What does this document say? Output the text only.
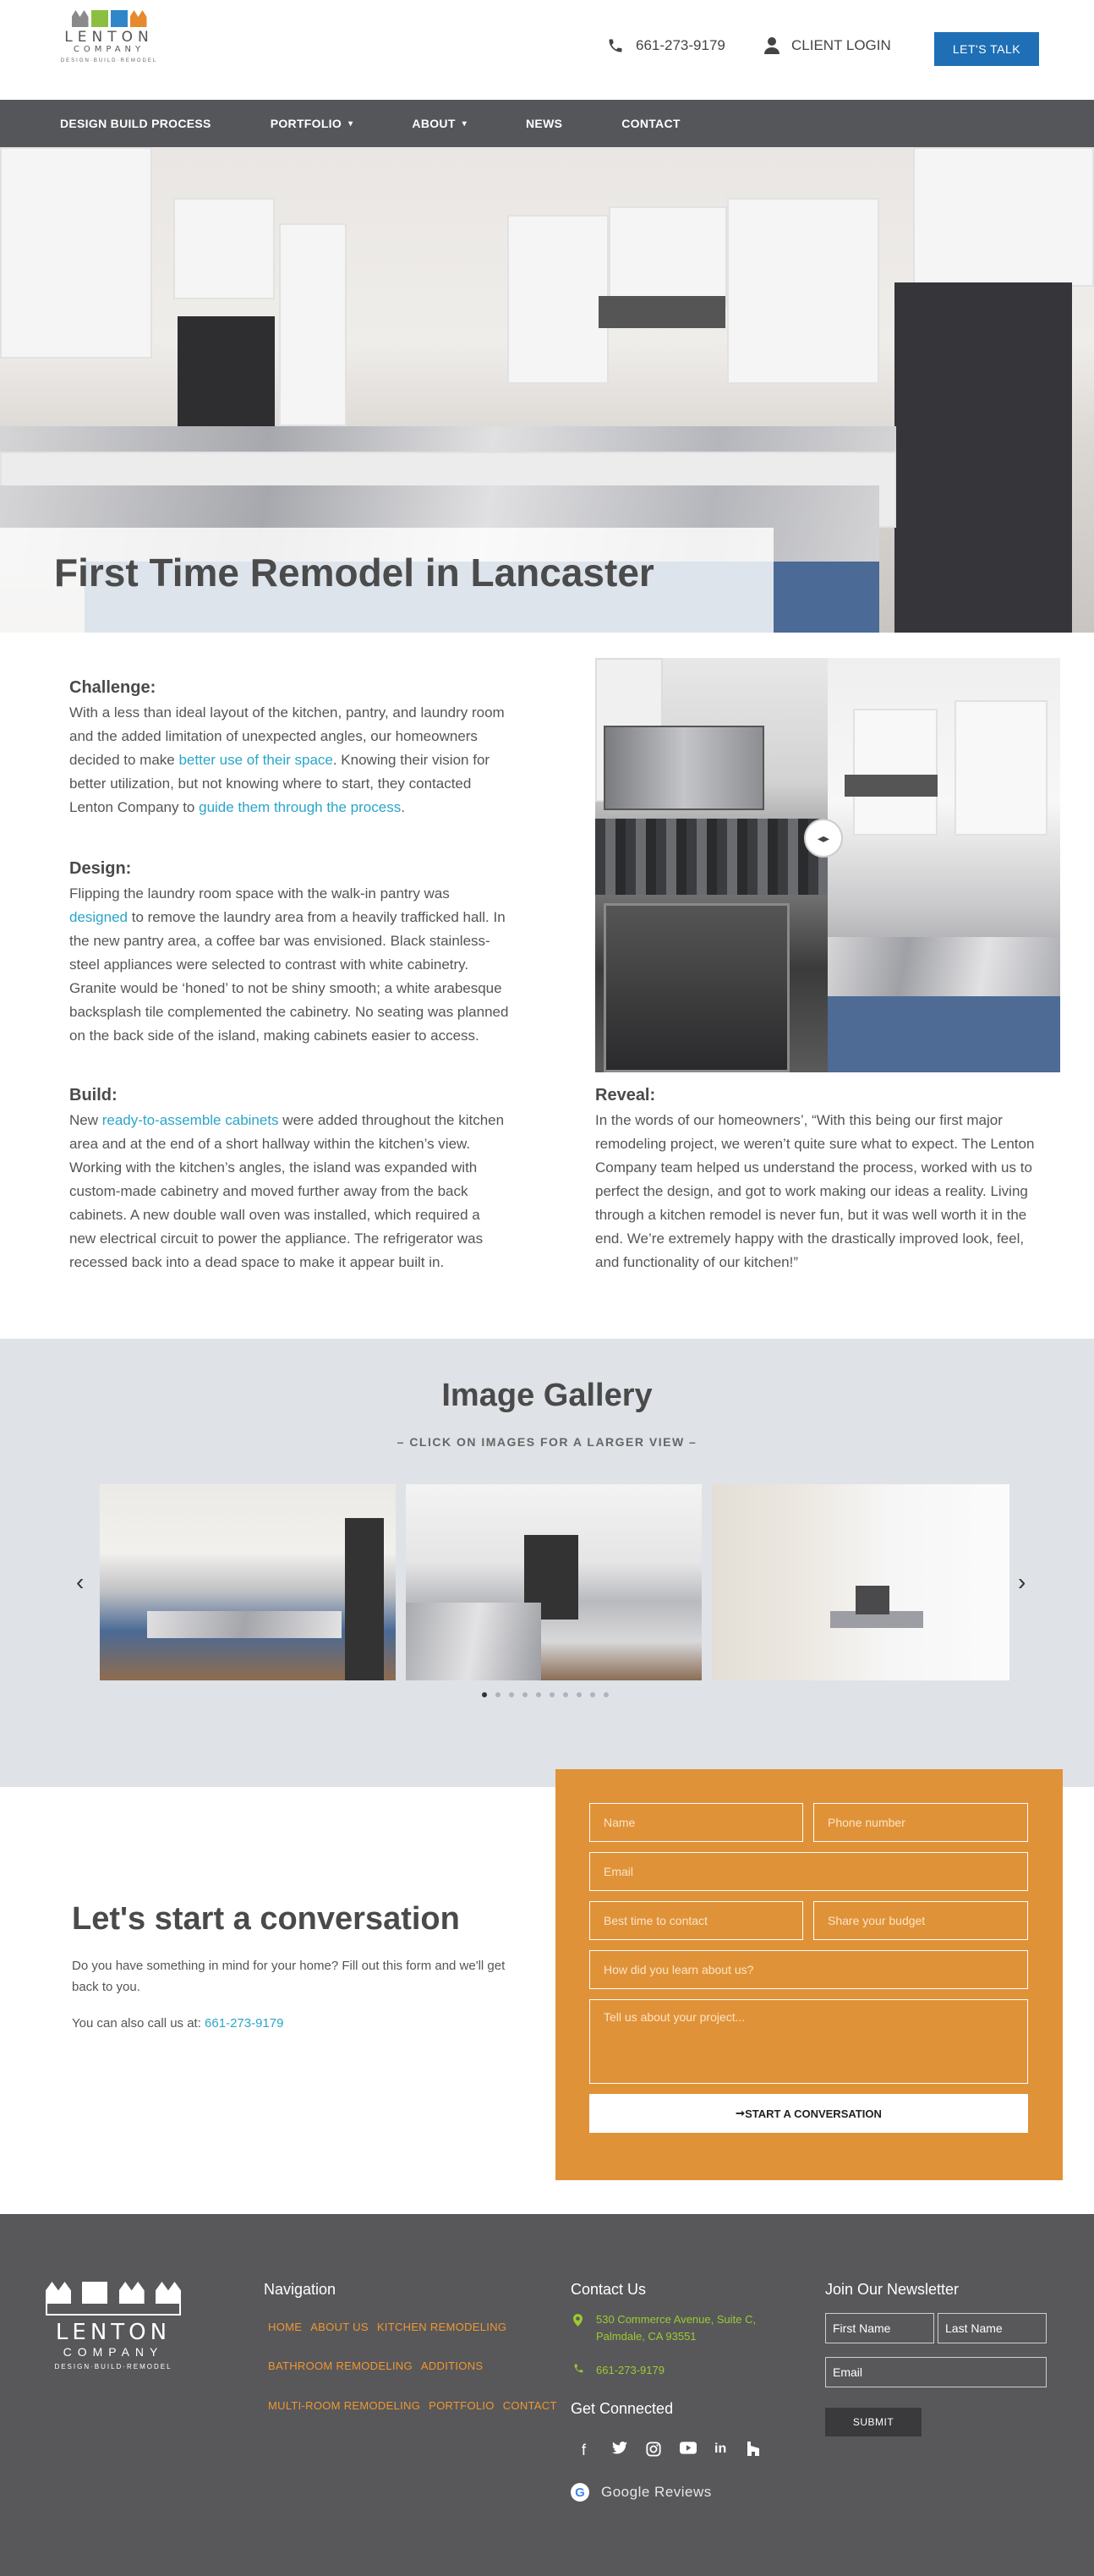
LENTON
COMPANY
DESIGN·BUILD·REMODEL
661-273-9179	CLIENT LOGIN	LET'S TALK
DESIGN BUILD PROCESS	PORTFOLIO ▾	ABOUT ▾	NEWS	CONTACT
First Time Remodel in Lancaster
Challenge:

With a less than ideal layout of the kitchen, pantry, and laundry room and the added limitation of unexpected angles, our homeowners decided to make better use of their space. Knowing their vision for better utilization, but not knowing where to start, they contacted Lenton Company to guide them through the process.

Design:

Flipping the laundry room space with the walk-in pantry was designed to remove the laundry area from a heavily trafficked hall. In the new pantry area, a coffee bar was envisioned. Black stainless-steel appliances were selected to contrast with white cabinetry. Granite would be ‘honed’ to not be shiny smooth; a white arabesque backsplash tile complemented the cabinetry. No seating was planned on the back side of the island, making cabinets easier to access.

Build:

New ready-to-assemble cabinets were added throughout the kitchen area and at the end of a short hallway within the kitchen’s view. Working with the kitchen’s angles, the island was expanded with custom-made cabinetry and moved further away from the back cabinets. A new double wall oven was installed, which required a new electrical circuit to power the appliance. The refrigerator was recessed back into a dead space to make it appear built in.

◂▸
Reveal:

In the words of our homeowners’, “With this being our first major remodeling project, we weren’t quite sure what to expect. The Lenton Company team helped us understand the process, worked with us to perfect the design, and got to work making our ideas a reality. Living through a kitchen remodel is never fun, but it was well worth it in the end. We’re extremely happy with the drastically improved look, feel, and functionality of our kitchen!”

Image Gallery
– CLICK ON IMAGES FOR A LARGER VIEW –
‹	›
Let's start a conversation

Do you have something in mind for your home? Fill out this form and we'll get back to you.

You can also call us at: 661-273-9179

Name	Phone number
Email
Best time to contact	Share your budget
How did you learn about us?
Tell us about your project...
➞ START A CONVERSATION
LENTON
COMPANY
DESIGN·BUILD·REMODEL
Navigation
HOME ABOUT US KITCHEN REMODELING
BATHROOM REMODELING ADDITIONS
MULTI-ROOM REMODELING PORTFOLIO CONTACT
Contact Us
530 Commerce Avenue, Suite C,
Palmdale, CA 93551
661-273-9179
Get Connected
f	in
G	Google Reviews
Join Our Newsletter
First Name	Last Name
Email
SUBMIT
